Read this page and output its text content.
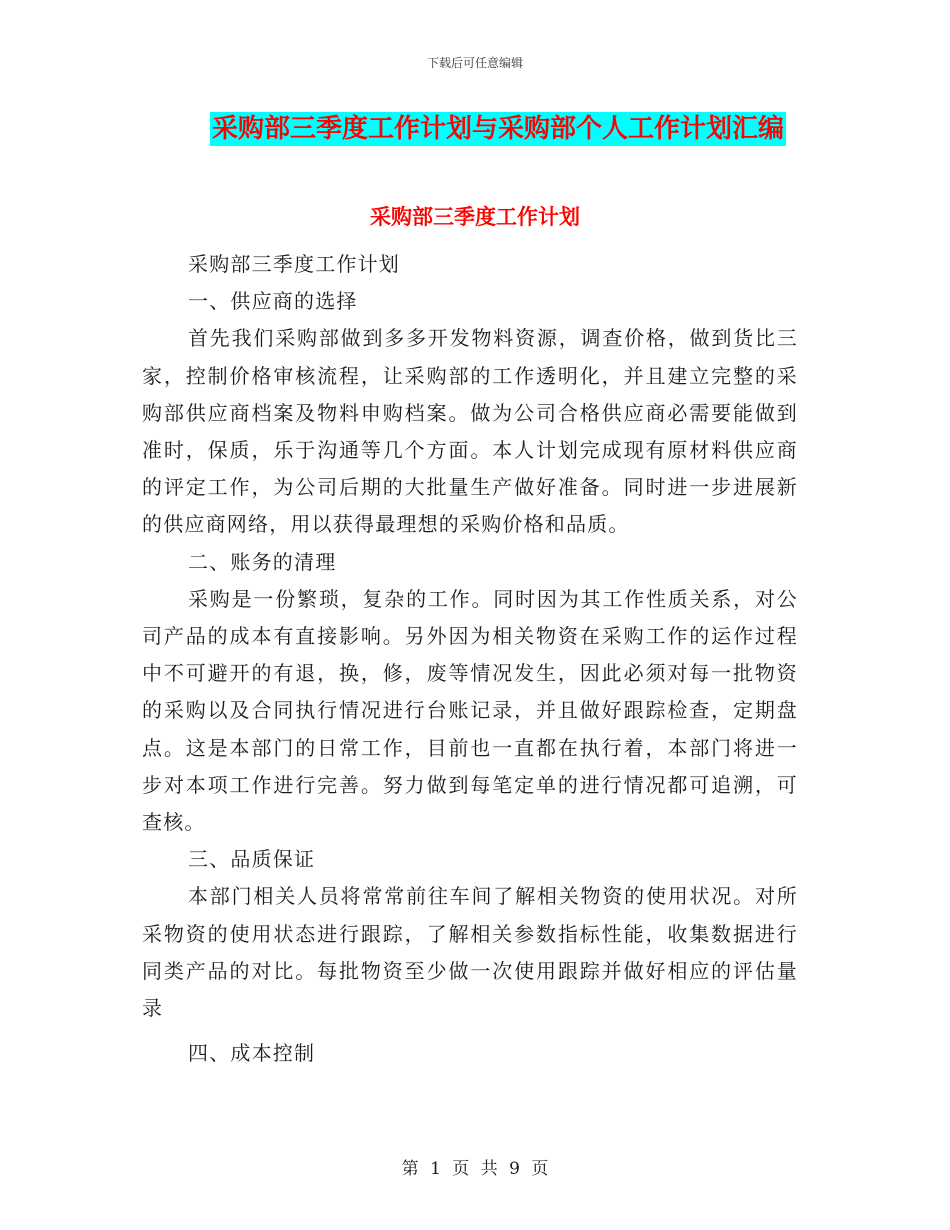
下载后可任意编辑
采购部三季度工作计划与采购部个人工作计划汇编
采购部三季度工作计划

采购部三季度工作计划

一、供应商的选择

首先我们采购部做到多多开发物料资源，调查价格，做到货比三家，控制价格审核流程，让采购部的工作透明化，并且建立完整的采购部供应商档案及物料申购档案。做为公司合格供应商必需要能做到准时，保质，乐于沟通等几个方面。本人计划完成现有原材料供应商的评定工作，为公司后期的大批量生产做好准备。同时进一步进展新的供应商网络，用以获得最理想的采购价格和品质。

二、账务的清理

采购是一份繁琐，复杂的工作。同时因为其工作性质关系，对公司产品的成本有直接影响。另外因为相关物资在采购工作的运作过程中不可避开的有退，换，修，废等情况发生，因此必须对每一批物资的采购以及合同执行情况进行台账记录，并且做好跟踪检查，定期盘点。这是本部门的日常工作，目前也一直都在执行着，本部门将进一步对本项工作进行完善。努力做到每笔定单的进行情况都可追溯，可查核。

三、品质保证

本部门相关人员将常常前往车间了解相关物资的使用状况。对所采物资的使用状态进行跟踪，了解相关参数指标性能，收集数据进行同类产品的对比。每批物资至少做一次使用跟踪并做好相应的评估量录

四、成本控制

第 1 页 共 9 页
